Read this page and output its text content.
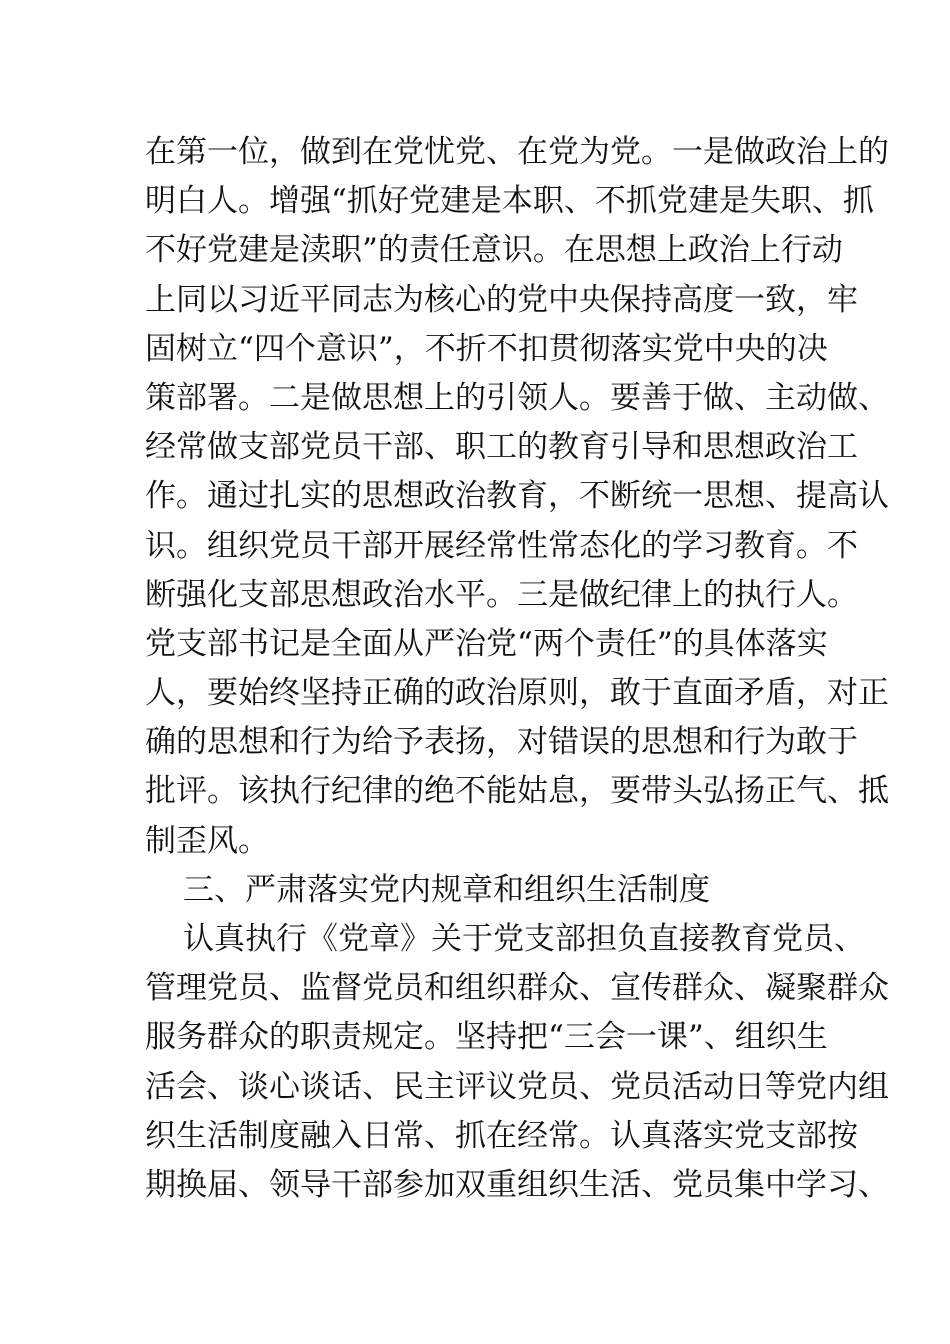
在第一位，做到在党忧党、在党为党。一是做政治上的
明白人。增强“抓好党建是本职、不抓党建是失职、抓
不好党建是渎职”的责任意识。在思想上政治上行动
上同以习近平同志为核心的党中央保持高度一致，牢
固树立“四个意识”，不折不扣贯彻落实党中央的决
策部署。二是做思想上的引领人。要善于做、主动做、
经常做支部党员干部、职工的教育引导和思想政治工
作。通过扎实的思想政治教育，不断统一思想、提高认
识。组织党员干部开展经常性常态化的学习教育。不
断强化支部思想政治水平。三是做纪律上的执行人。
党支部书记是全面从严治党“两个责任”的具体落实
人，要始终坚持正确的政治原则，敢于直面矛盾，对正
确的思想和行为给予表扬，对错误的思想和行为敢于
批评。该执行纪律的绝不能姑息，要带头弘扬正气、抵
制歪风。
三、严肃落实党内规章和组织生活制度
认真执行《党章》关于党支部担负直接教育党员、
管理党员、监督党员和组织群众、宣传群众、凝聚群众
服务群众的职责规定。坚持把“三会一课”、组织生
活会、谈心谈话、民主评议党员、党员活动日等党内组
织生活制度融入日常、抓在经常。认真落实党支部按
期换届、领导干部参加双重组织生活、党员集中学习、
